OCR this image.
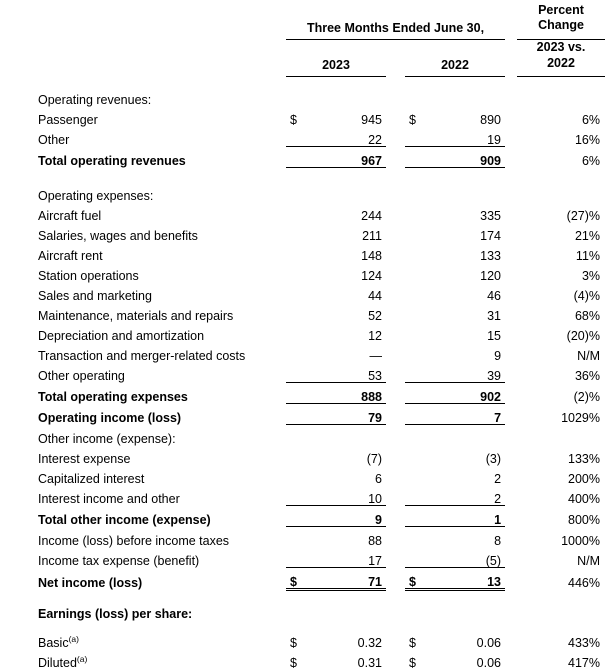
	Three Months Ended June 30,						Percent
Change

	2023			2022			2023 vs.
2022

Operating revenues:							
Passenger	$	945		$	890		6%
Other		22			19		16%
Total operating revenues		967			909		6%

Operating expenses:							
Aircraft fuel		244			335		(27)%
Salaries, wages and benefits		211			174		21%
Aircraft rent		148			133		11%
Station operations		124			120		3%
Sales and marketing		44			46		(4)%
Maintenance, materials and repairs		52			31		68%
Depreciation and amortization		12			15		(20)%
Transaction and merger-related costs		—			9		N/M
Other operating		53			39		36%
Total operating expenses		888			902		(2)%
Operating income (loss)		79			7		1029%
Other income (expense):							
Interest expense		(7)			(3)		133%
Capitalized interest		6			2		200%
Interest income and other		10			2		400%
Total other income (expense)		9			1		800%
Income (loss) before income taxes		88			8		1000%
Income tax expense (benefit)		17			(5)		N/M
Net income (loss)	$	71		$	13		446%

Earnings (loss) per share:							

Basic$^{(a)}$	$	0.32		$	0.06		433%
Diluted$^{(a)}$	$	0.31		$	0.06		417%
